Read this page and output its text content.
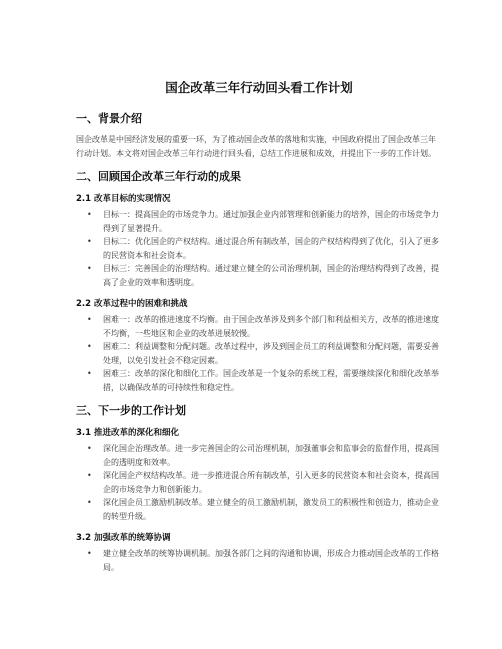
国企改革三年行动回头看工作计划
一、背景介绍

国企改革是中国经济发展的重要一环，为了推动国企改革的落地和实施，中国政府提出了国企改革三年行动计划。本文将对国企改革三年行动进行回头看，总结工作进展和成效，并提出下一步的工作计划。

二、回顾国企改革三年行动的成果
2.1 改革目标的实现情况
• 目标一：提高国企的市场竞争力。通过加强企业内部管理和创新能力的培养，国企的市场竞争力得到了显著提升。
• 目标二：优化国企的产权结构。通过混合所有制改革，国企的产权结构得到了优化，引入了更多的民营资本和社会资本。
• 目标三：完善国企的治理结构。通过建立健全的公司治理机制，国企的治理结构得到了改善，提高了企业的效率和透明度。
2.2 改革过程中的困难和挑战
• 困难一：改革的推进速度不均衡。由于国企改革涉及到多个部门和利益相关方，改革的推进速度不均衡，一些地区和企业的改革进展较慢。
• 困难二：利益调整和分配问题。改革过程中，涉及到国企员工的利益调整和分配问题，需要妥善处理，以免引发社会不稳定因素。
• 困难三：改革的深化和细化工作。国企改革是一个复杂的系统工程，需要继续深化和细化改革举措，以确保改革的可持续性和稳定性。
三、下一步的工作计划
3.1 推进改革的深化和细化
• 深化国企治理改革。进一步完善国企的公司治理机制，加强董事会和监事会的监督作用，提高国企的透明度和效率。
• 深化国企产权结构改革。进一步推进混合所有制改革，引入更多的民营资本和社会资本，提高国企的市场竞争力和创新能力。
• 深化国企员工激励机制改革。建立健全的员工激励机制，激发员工的积极性和创造力，推动企业的转型升级。
3.2 加强改革的统筹协调
• 建立健全改革的统筹协调机制。加强各部门之间的沟通和协调，形成合力推动国企改革的工作格局。
